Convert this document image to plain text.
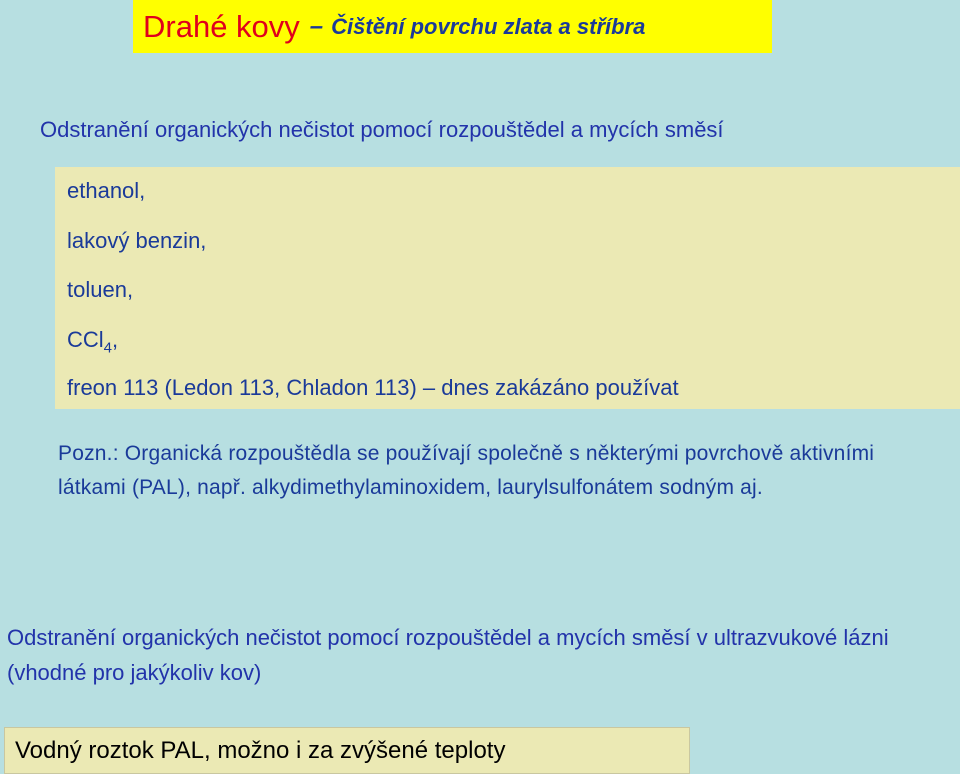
Drahé kovy – Čištění povrchu zlata a stříbra
Odstranění organických nečistot pomocí rozpouštědel a mycích směsí
ethanol,
lakový benzin,
toluen,
CCl$_4$,
freon 113 (Ledon 113, Chladon 113) – dnes zakázáno používat
Pozn.: Organická rozpouštědla se používají společně s některými povrchově aktivními látkami (PAL), např. alkydimethylaminoxidem, laurylsulfonátem sodným aj.
Odstranění organických nečistot pomocí rozpouštědel a mycích směsí v ultrazvukové lázni (vhodné pro jakýkoliv kov)
Vodný roztok PAL, možno i za zvýšené teploty
